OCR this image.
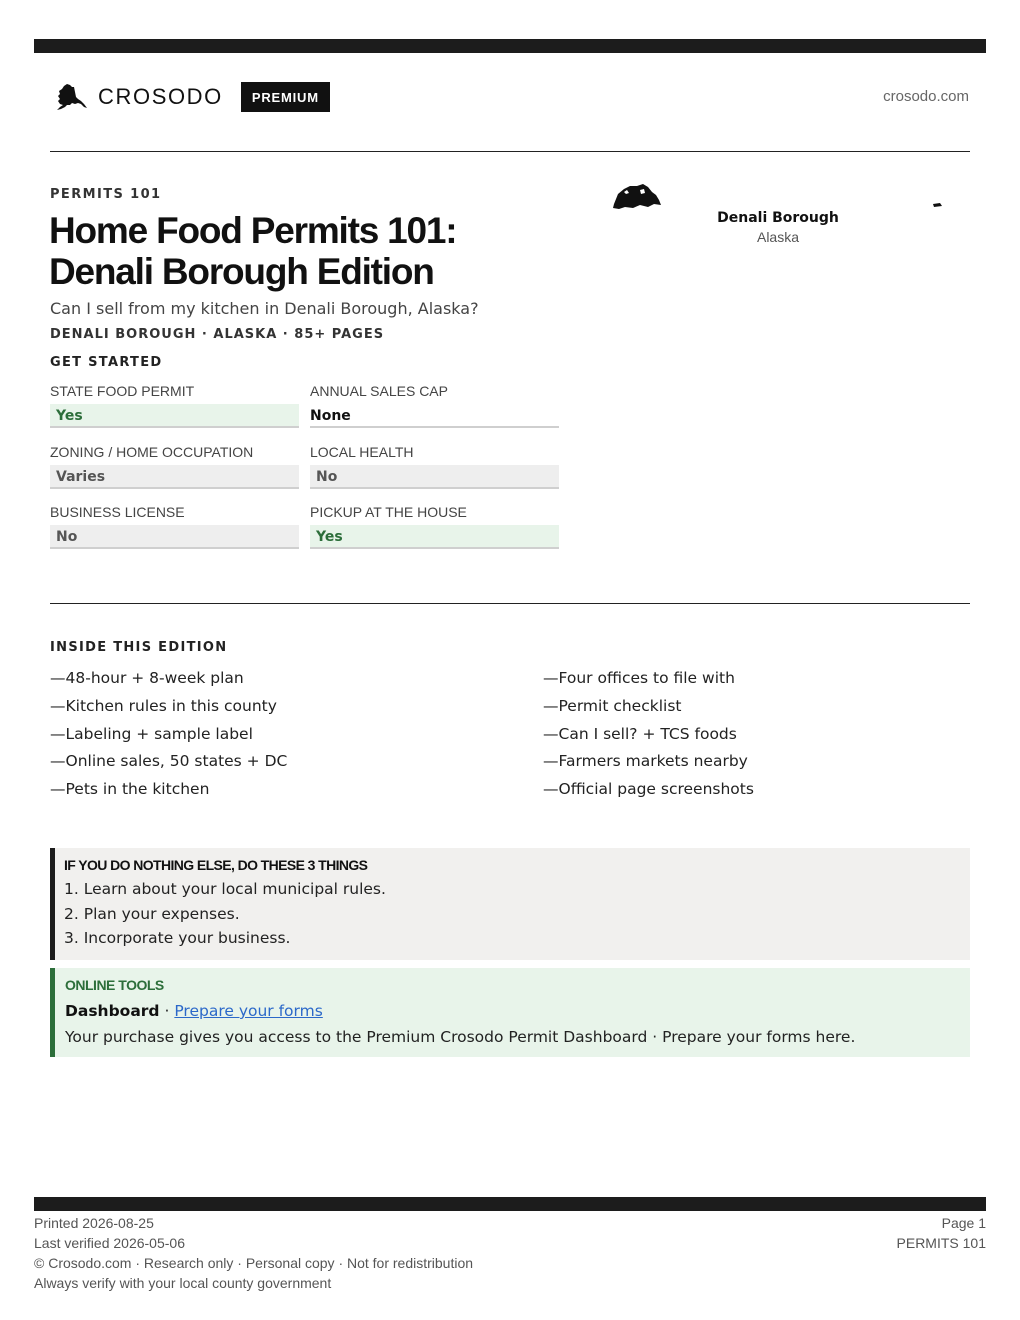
CROSODO	PREMIUM	crosodo.com
PERMITS 101
Home Food Permits 101: Denali Borough Edition
Can I sell from my kitchen in Denali Borough, Alaska?
DENALI BOROUGH · ALASKA · 85+ PAGES
Denali Borough
Alaska
GET STARTED
STATE FOOD PERMIT
Yes
ANNUAL SALES CAP
None
ZONING / HOME OCCUPATION
Varies
LOCAL HEALTH
No
BUSINESS LICENSE
No
PICKUP AT THE HOUSE
Yes
INSIDE THIS EDITION
—48-hour + 8-week plan
—Kitchen rules in this county
—Labeling + sample label
—Online sales, 50 states + DC
—Pets in the kitchen
—Four offices to file with
—Permit checklist
—Can I sell? + TCS foods
—Farmers markets nearby
—Official page screenshots
IF YOU DO NOTHING ELSE, DO THESE 3 THINGS
1. Learn about your local municipal rules.
2. Plan your expenses.
3. Incorporate your business.
ONLINE TOOLS
Dashboard · Prepare your forms
Your purchase gives you access to the Premium Crosodo Permit Dashboard · Prepare your forms here.
Printed 2026-08-25
Last verified 2026-05-06
© Crosodo.com · Research only · Personal copy · Not for redistribution
Always verify with your local county government
Page 1
PERMITS 101
